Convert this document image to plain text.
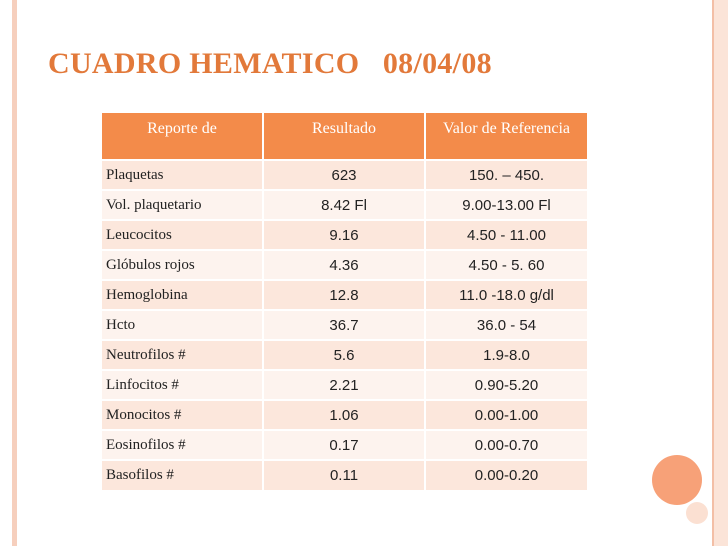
CUADRO HEMATICO   08/04/08
Reporte de	Resultado	Valor de Referencia
Plaquetas	623	150. – 450.
Vol. plaquetario	8.42 Fl	9.00-13.00 Fl
Leucocitos	9.16	4.50 - 11.00
Glóbulos rojos	4.36	4.50 - 5. 60
Hemoglobina	12.8	11.0 -18.0 g/dl
Hcto	36.7	36.0 - 54
Neutrofilos #	5.6	1.9-8.0
Linfocitos #	2.21	0.90-5.20
Monocitos #	1.06	0.00-1.00
Eosinofilos #	0.17	0.00-0.70
Basofilos #	0.11	0.00-0.20
